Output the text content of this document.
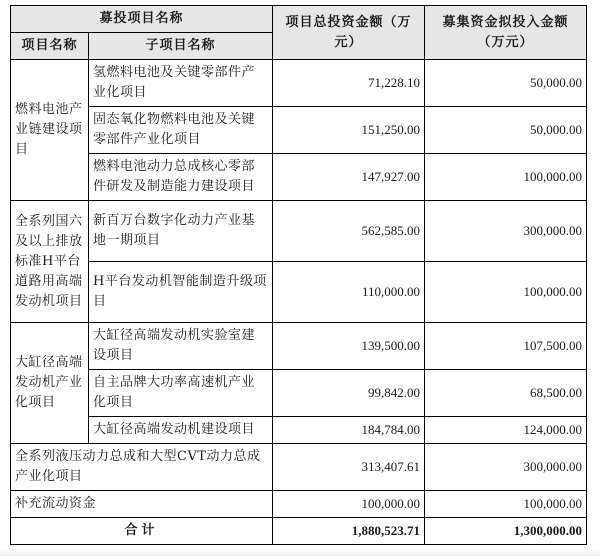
募投项目名称		项目总投资金额（万元）	募集资金拟投入金额（万元）
项目名称	子项目名称		
燃料电池产业链建设项目	氢燃料电池及关键零部件产业化项目	71,228.10	50,000.00
	固态氧化物燃料电池及关键零部件产业化项目	151,250.00	50,000.00
	燃料电池动力总成核心零部件研发及制造能力建设项目	147,927.00	100,000.00
全系列国六及以上排放标准H平台道路用高端发动机项目	新百万台数字化动力产业基地一期项目	562,585.00	300,000.00
	H平台发动机智能制造升级项目	110,000.00	100,000.00
大缸径高端发动机产业化项目	大缸径高端发动机实验室建设项目	139,500.00	107,500.00
	自主品牌大功率高速机产业化项目	99,842.00	68,500.00
	大缸径高端发动机建设项目	184,784.00	124,000.00
全系列液压动力总成和大型CVT动力总成产业化项目		313,407.61	300,000.00
补充流动资金		100,000.00	100,000.00
合计		1,880,523.71	1,300,000.00
